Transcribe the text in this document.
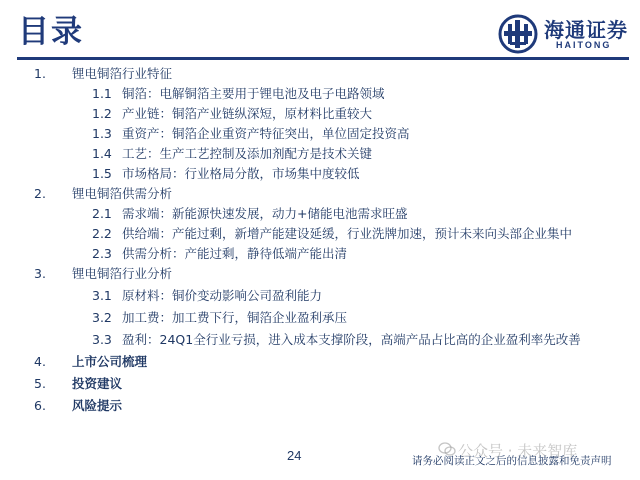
目录	海通证券
HAITONG
1. 锂电铜箔行业特征
1.1 铜箔：电解铜箔主要用于锂电池及电子电路领域
1.2 产业链：铜箔产业链纵深短，原材料比重较大
1.3 重资产：铜箔企业重资产特征突出，单位固定投资高
1.4 工艺：生产工艺控制及添加剂配方是技术关键
1.5 市场格局：行业格局分散，市场集中度较低
2. 锂电铜箔供需分析
2.1 需求端：新能源快速发展，动力+储能电池需求旺盛
2.2 供给端：产能过剩，新增产能建设延缓，行业洗牌加速，预计未来向头部企业集中
2.3 供需分析：产能过剩，静待低端产能出清
3. 锂电铜箔行业分析
3.1 原材料：铜价变动影响公司盈利能力
3.2 加工费：加工费下行，铜箔企业盈利承压
3.3 盈利：24Q1全行业亏损，进入成本支撑阶段，高端产品占比高的企业盈利率先改善
4. 上市公司梳理
5. 投资建议
6. 风险提示
24	公众号 · 未来智库
请务必阅读正文之后的信息披露和免责声明
